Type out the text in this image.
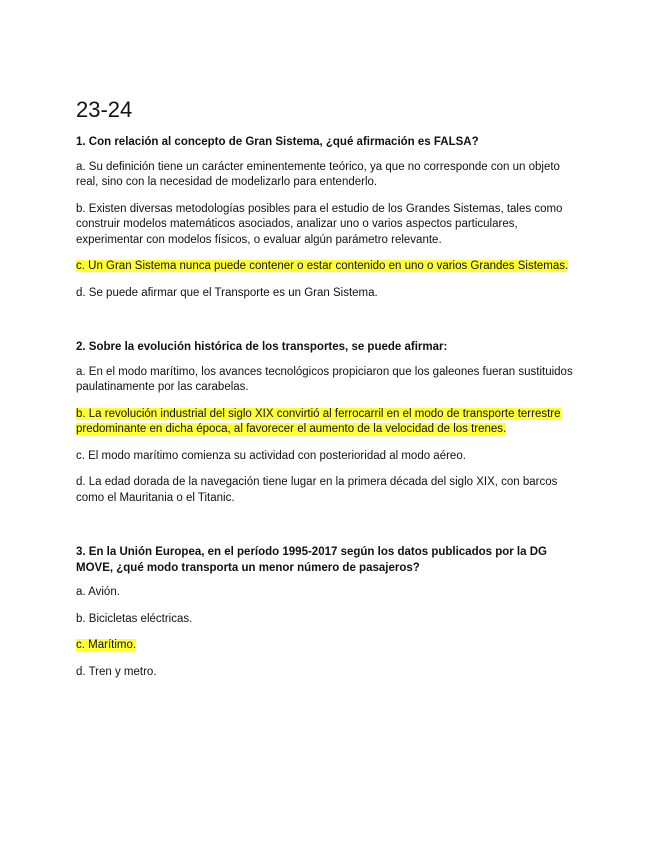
23-24

1. Con relación al concepto de Gran Sistema, ¿qué afirmación es FALSA?

a. Su definición tiene un carácter eminentemente teórico, ya que no corresponde con un objeto real, sino con la necesidad de modelizarlo para entenderlo.

b. Existen diversas metodologías posibles para el estudio de los Grandes Sistemas, tales como construir modelos matemáticos asociados, analizar uno o varios aspectos particulares, experimentar con modelos físicos, o evaluar algún parámetro relevante.

c. Un Gran Sistema nunca puede contener o estar contenido en uno o varios Grandes Sistemas.

d. Se puede afirmar que el Transporte es un Gran Sistema.

2. Sobre la evolución histórica de los transportes, se puede afirmar:

a. En el modo marítimo, los avances tecnológicos propiciaron que los galeones fueran sustituidos paulatinamente por las carabelas.

b. La revolución industrial del siglo XIX convirtió al ferrocarril en el modo de transporte terrestre predominante en dicha época, al favorecer el aumento de la velocidad de los trenes.

c. El modo marítimo comienza su actividad con posterioridad al modo aéreo.

d. La edad dorada de la navegación tiene lugar en la primera década del siglo XIX, con barcos como el Mauritania o el Titanic.

3. En la Unión Europea, en el período 1995-2017 según los datos publicados por la DG MOVE, ¿qué modo transporta un menor número de pasajeros?

a. Avión.

b. Bicicletas eléctricas.

c. Marítimo.

d. Tren y metro.
